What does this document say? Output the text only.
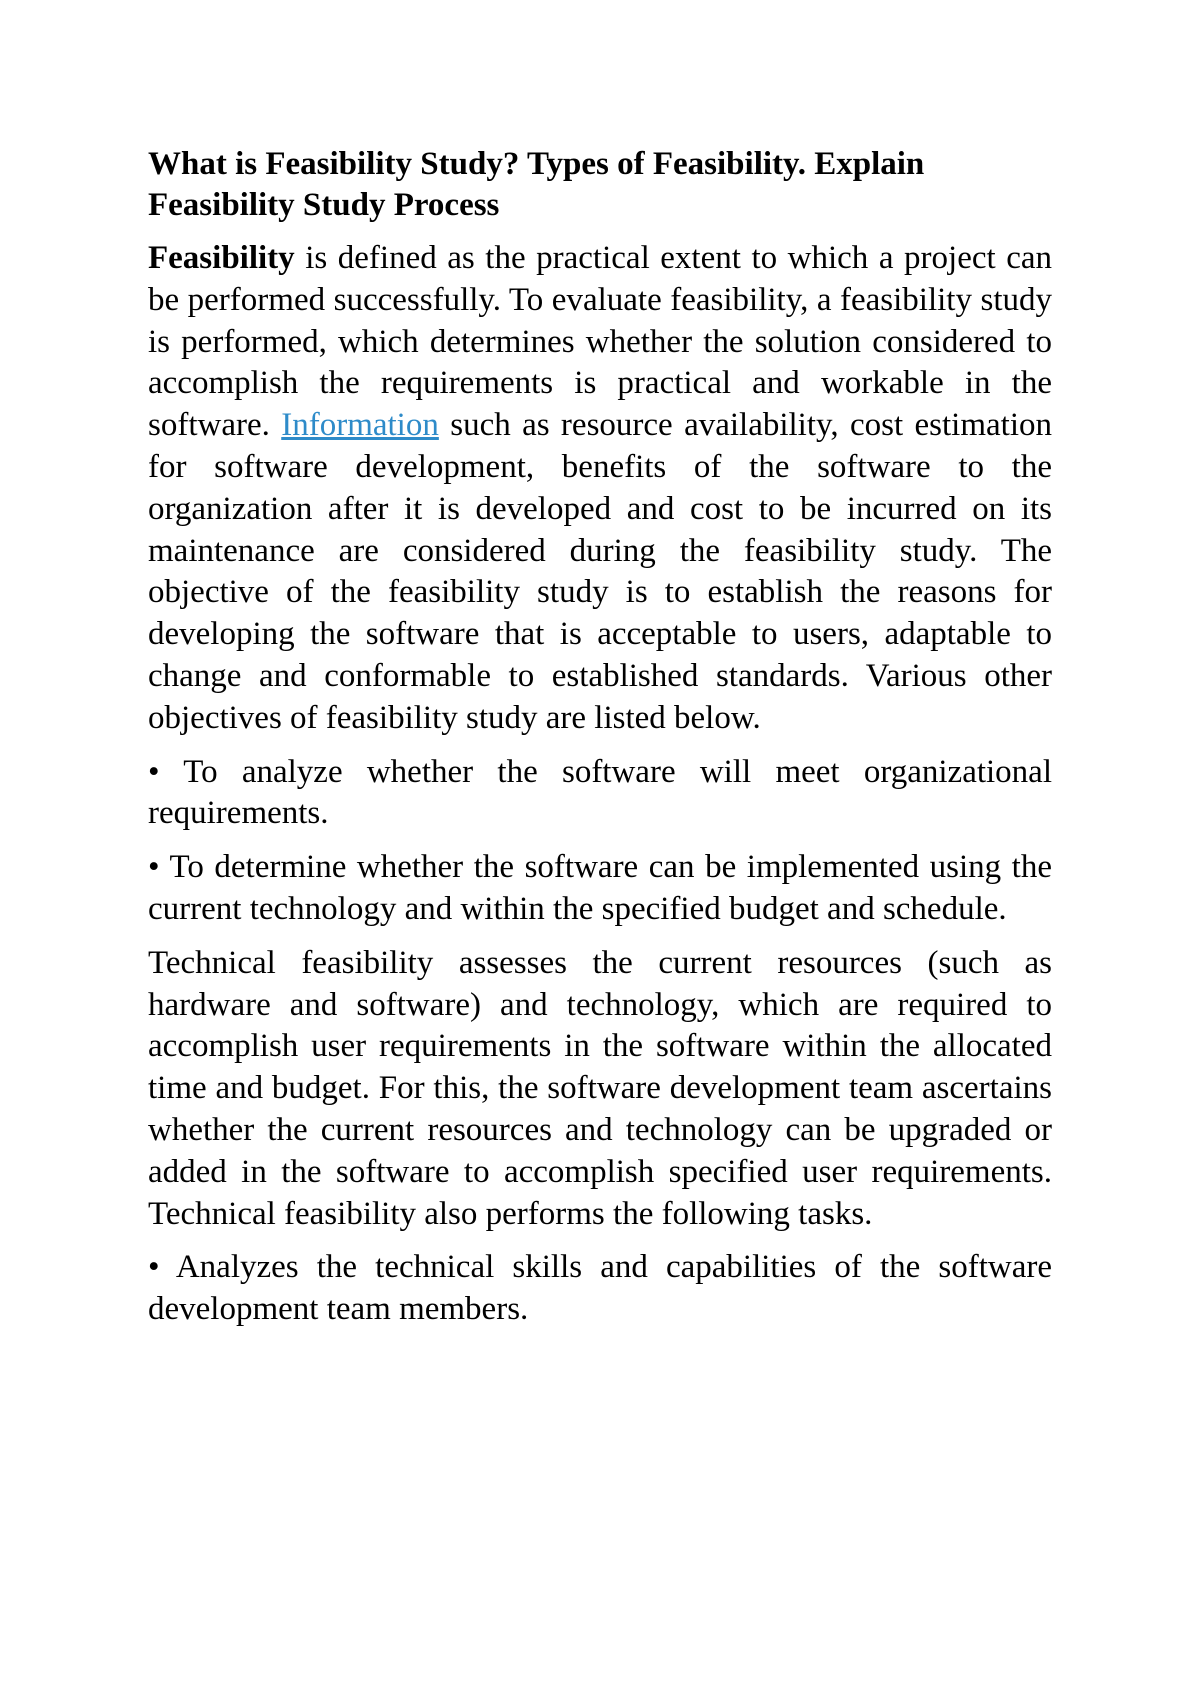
What is Feasibility Study? Types of Feasibility. Explain Feasibility Study Process

Feasibility is defined as the practical extent to which a project can be performed successfully. To evaluate feasibility, a feasibility study is performed, which determines whether the solution considered to accomplish the requirements is practical and workable in the software. Information such as resource availability, cost estimation for software development, benefits of the software to the organization after it is developed and cost to be incurred on its maintenance are considered during the feasibility study. The objective of the feasibility study is to establish the reasons for developing the software that is acceptable to users, adaptable to change and conformable to established standards. Various other objectives of feasibility study are listed below.

• To analyze whether the software will meet organizational requirements.

• To determine whether the software can be implemented using the current technology and within the specified budget and schedule.

Technical feasibility assesses the current resources (such as hardware and software) and technology, which are required to accomplish user requirements in the software within the allocated time and budget. For this, the software development team ascertains whether the current resources and technology can be upgraded or added in the software to accomplish specified user requirements. Technical feasibility also performs the following tasks.

• Analyzes the technical skills and capabilities of the software development team members.
